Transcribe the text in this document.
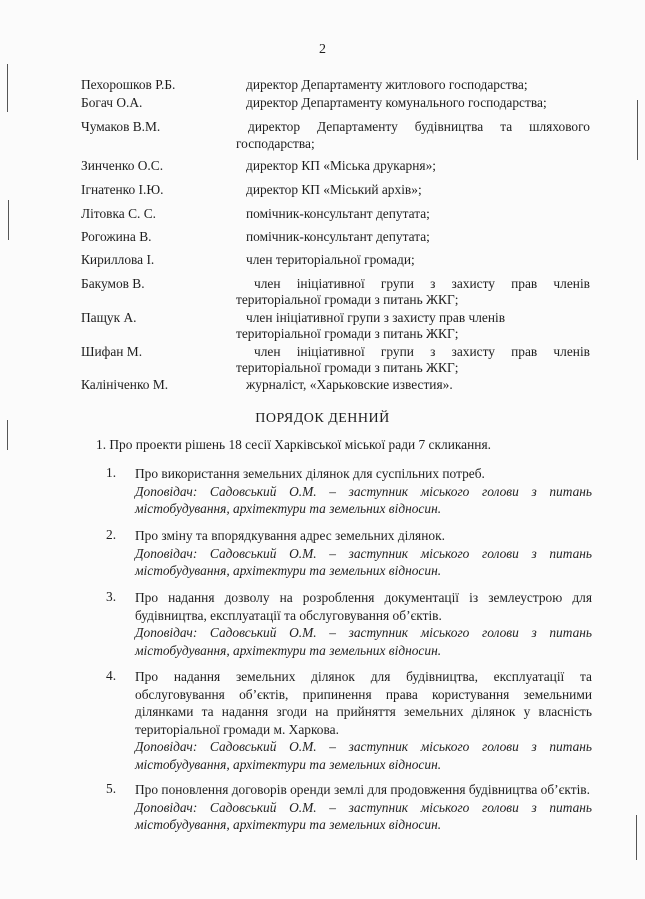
2
Пехорошков Р.Б.	директор Департаменту житлового господарства;
Богач О.А.	директор Департаменту комунального господарства;
Чумаков В.М.	директор Департаменту будівництва та шляхового
господарства;
Зинченко О.С.	директор КП «Міська друкарня»;
Ігнатенко І.Ю.	директор КП «Міський архів»;
Літовка С. С.	помічник-консультант депутата;
Рогожина В.	помічник-консультант депутата;
Кириллова І.	член територіальної громади;
Бакумов В.	член ініціативної групи з захисту прав членів
територіальної громади з питань ЖКГ;
Пащук А.	член ініціативної групи з захисту прав членів
територіальної громади з питань ЖКГ;
Шифан М.	член ініціативної групи з захисту прав членів
територіальної громади з питань ЖКГ;
Калініченко М.	журналіст, «Харьковские известия».
ПОРЯДОК ДЕННИЙ
1. Про проекти рішень 18 сесії Харківської міської ради 7 скликання.
1. Про використання земельних ділянок для суспільних потреб.
Доповідач: Садовський О.М. – заступник міського голови з питань містобудування, архітектури та земельних відносин.
2. Про зміну та впорядкування адрес земельних ділянок.
Доповідач: Садовський О.М. – заступник міського голови з питань містобудування, архітектури та земельних відносин.
3. Про надання дозволу на розроблення документації із землеустрою для будівництва, експлуатації та обслуговування об’єктів.
Доповідач: Садовський О.М. – заступник міського голови з питань містобудування, архітектури та земельних відносин.
4. Про надання земельних ділянок для будівництва, експлуатації та обслуговування об’єктів, припинення права користування земельними ділянками та надання згоди на прийняття земельних ділянок у власність територіальної громади м. Харкова.
Доповідач: Садовський О.М. – заступник міського голови з питань містобудування, архітектури та земельних відносин.
5. Про поновлення договорів оренди землі для продовження будівництва об’єктів.
Доповідач: Садовський О.М. – заступник міського голови з питань містобудування, архітектури та земельних відносин.
